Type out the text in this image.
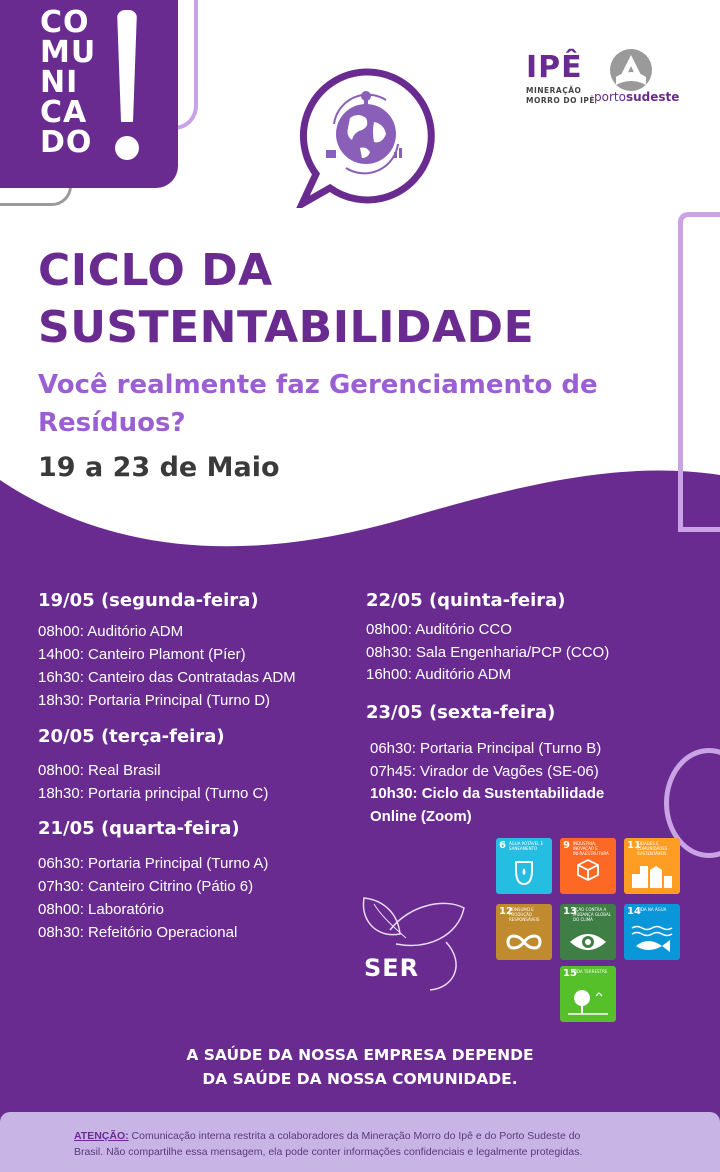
CO
MU
NI
CA
DO
IPÊ
MINERAÇÃO
MORRO DO IPÊ portosudeste
CICLO DA
SUSTENTABILIDADE
Você realmente faz Gerenciamento de Resíduos?
19 a 23 de Maio
19/05 (segunda-feira)
08h00: Auditório ADM
14h00: Canteiro Plamont (Píer)
16h30: Canteiro das Contratadas ADM
18h30: Portaria Principal (Turno D)
20/05 (terça-feira)
08h00: Real Brasil
18h30: Portaria principal (Turno C)
21/05 (quarta-feira)
06h30: Portaria Principal (Turno A)
07h30: Canteiro Citrino (Pátio 6)
08h00: Laboratório
08h30: Refeitório Operacional
22/05 (quinta-feira)
08h00: Auditório CCO
08h30: Sala Engenharia/PCP (CCO)
16h00: Auditório ADM
23/05 (sexta-feira)
06h30: Portaria Principal (Turno B)
07h45: Virador de Vagões (SE-06)
10h30: Ciclo da Sustentabilidade
Online (Zoom)
SER
6 ÁGUA POTÁVEL E SANEAMENTO	9 INDÚSTRIA, INOVAÇÃO E INFRAESTRUTURA
11
CIDADES E COMUNIDADES SUSTENTÁVEIS
12
CONSUMO E PRODUÇÃO RESPONSÁVEIS
13
AÇÃO CONTRA A MUDANÇA GLOBAL DO CLIMA
14
VIDA NA ÁGUA
15
VIDA TERRESTRE
A SAÚDE DA NOSSA EMPRESA DEPENDE
DA SAÚDE DA NOSSA COMUNIDADE.
ATENÇÃO: Comunicação interna restrita a colaboradores da Mineração Morro do Ipê e do Porto Sudeste do
Brasil. Não compartilhe essa mensagem, ela pode conter informações confidenciais e legalmente protegidas.
